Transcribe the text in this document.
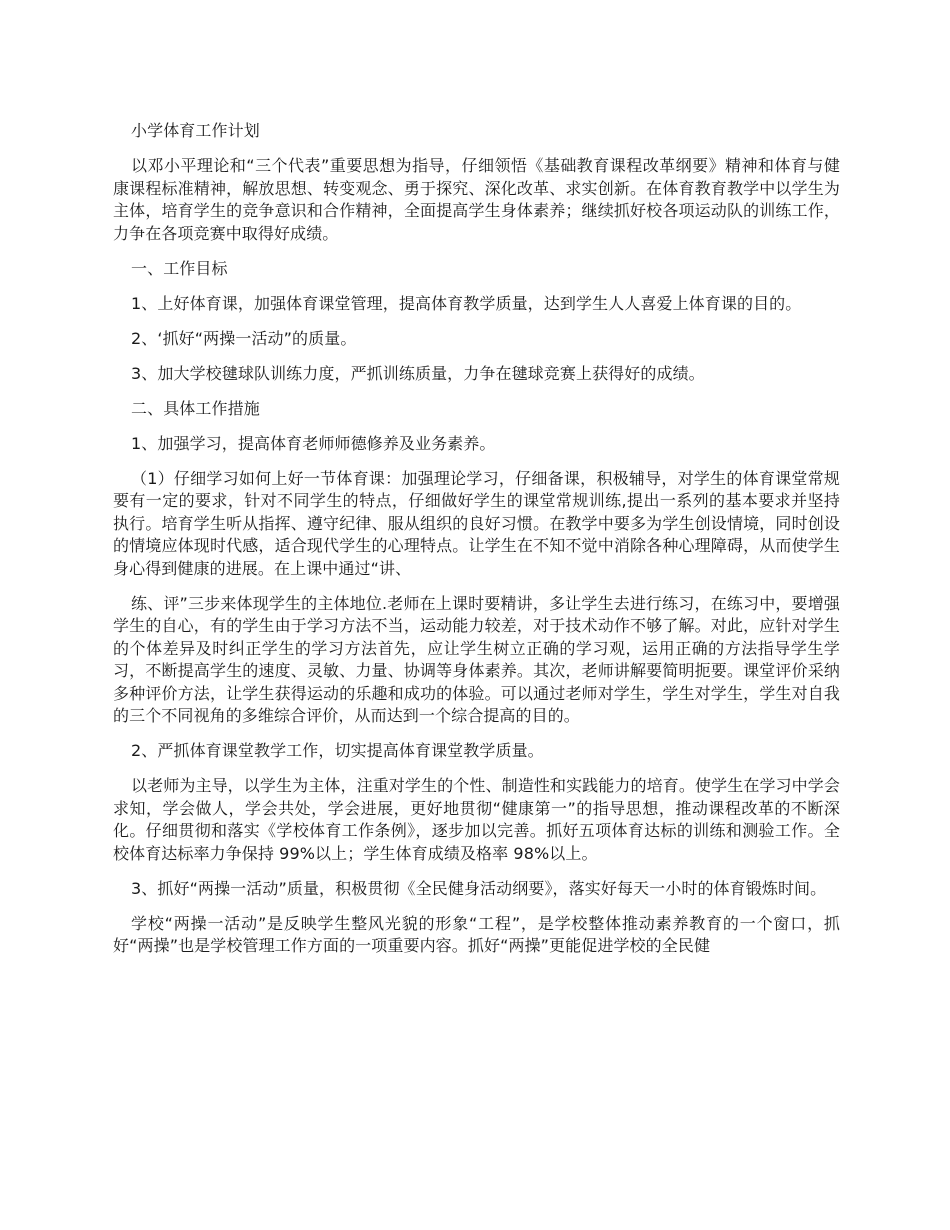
小学体育工作计划

以邓小平理论和“三个代表”重要思想为指导，仔细领悟《基础教育课程改革纲要》精神和体育与健康课程标准精神，解放思想、转变观念、勇于探究、深化改革、求实创新。在体育教育教学中以学生为主体，培育学生的竞争意识和合作精神，全面提高学生身体素养；继续抓好校各项运动队的训练工作，力争在各项竞赛中取得好成绩。

一、工作目标

1、上好体育课，加强体育课堂管理，提高体育教学质量，达到学生人人喜爱上体育课的目的。

2、‘抓好“两操一活动”的质量。

3、加大学校毽球队训练力度，严抓训练质量，力争在毽球竞赛上获得好的成绩。

二、具体工作措施

1、加强学习，提高体育老师师德修养及业务素养。

（1）仔细学习如何上好一节体育课：加强理论学习，仔细备课，积极辅导，对学生的体育课堂常规要有一定的要求，针对不同学生的特点，仔细做好学生的课堂常规训练,提出一系列的基本要求并坚持执行。培育学生听从指挥、遵守纪律、服从组织的良好习惯。在教学中要多为学生创设情境，同时创设的情境应体现时代感，适合现代学生的心理特点。让学生在不知不觉中消除各种心理障碍，从而使学生身心得到健康的进展。在上课中通过“讲、

练、评”三步来体现学生的主体地位.老师在上课时要精讲，多让学生去进行练习，在练习中，要增强学生的自心，有的学生由于学习方法不当，运动能力较差，对于技术动作不够了解。对此，应针对学生的个体差异及时纠正学生的学习方法首先，应让学生树立正确的学习观，运用正确的方法指导学生学习，不断提高学生的速度、灵敏、力量、协调等身体素养。其次，老师讲解要简明扼要。课堂评价采纳多种评价方法，让学生获得运动的乐趣和成功的体验。可以通过老师对学生，学生对学生，学生对自我的三个不同视角的多维综合评价，从而达到一个综合提高的目的。

2、严抓体育课堂教学工作，切实提高体育课堂教学质量。

以老师为主导，以学生为主体，注重对学生的个性、制造性和实践能力的培育。使学生在学习中学会求知，学会做人，学会共处，学会进展，更好地贯彻“健康第一”的指导思想，推动课程改革的不断深化。仔细贯彻和落实《学校体育工作条例》，逐步加以完善。抓好五项体育达标的训练和测验工作。全校体育达标率力争保持 99%以上；学生体育成绩及格率 98%以上。

3、抓好“两操一活动”质量，积极贯彻《全民健身活动纲要》，落实好每天一小时的体育锻炼时间。

学校“两操一活动”是反映学生整风光貌的形象“工程”，是学校整体推动素养教育的一个窗口，抓好“两操”也是学校管理工作方面的一项重要内容。抓好“两操”更能促进学校的全民健
